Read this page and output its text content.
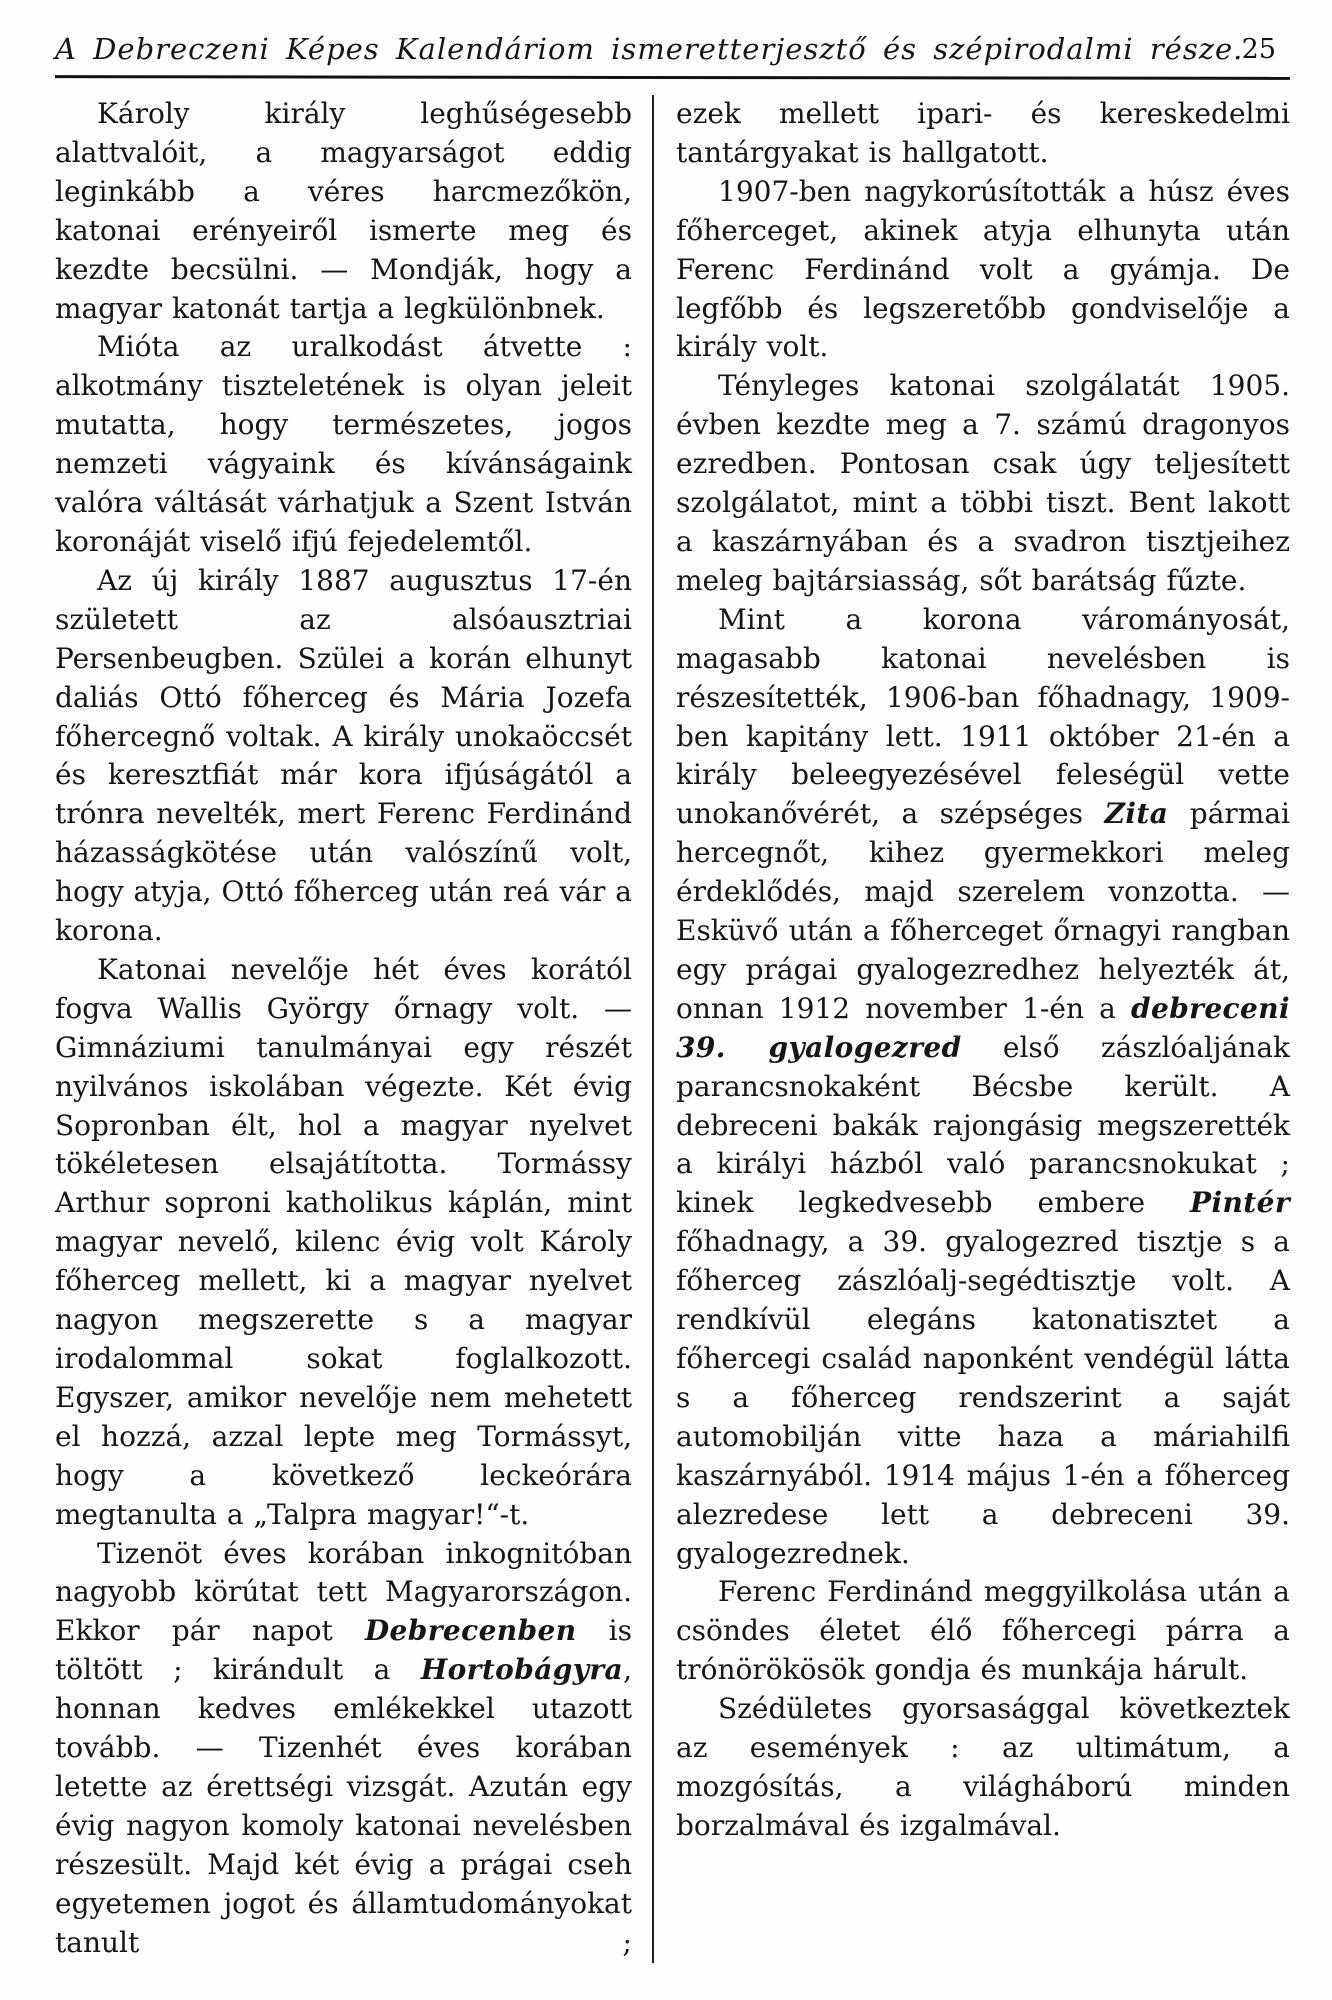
A Debreczeni Képes Kalendáriom ismeretterjesztő és szépirodalmi része.
25

Károly király leghűségesebb alattvalóit, a magyarságot eddig leginkább a véres harcmezőkön, katonai erényeiről ismerte meg és kezdte becsülni. — Mondják, hogy a magyar katonát tartja a legkülönbnek.

Mióta az uralkodást átvette : alkotmány tiszteletének is olyan jeleit mutatta, hogy természetes, jogos nemzeti vágyaink és kívánságaink valóra váltását várhatjuk a Szent István koronáját viselő ifjú fejedelemtől.

Az új király 1887 augusztus 17-én született az alsóausztriai Persenbeugben. Szülei a korán elhunyt daliás Ottó főherceg és Mária Jozefa főhercegnő voltak. A király unokaöccsét és keresztfiát már kora ifjúságától a trónra nevelték, mert Ferenc Ferdinánd házasságkötése után valószínű volt, hogy atyja, Ottó főherceg után reá vár a korona.

Katonai nevelője hét éves korától fogva Wallis György őrnagy volt. — Gimnáziumi tanulmányai egy részét nyilvános iskolában végezte. Két évig Sopronban élt, hol a magyar nyelvet tökéletesen elsajátította. Tormássy Arthur soproni katholikus káplán, mint magyar nevelő, kilenc évig volt Károly főherceg mellett, ki a magyar nyelvet nagyon megszerette s a magyar irodalommal sokat foglalkozott. Egyszer, amikor nevelője nem mehetett el hozzá, azzal lepte meg Tormássyt, hogy a következő leckeórára megtanulta a „Talpra magyar!“-t.

Tizenöt éves korában inkognitóban nagyobb körútat tett Magyarországon. Ekkor pár napot Debrecenben is töltött ; kirándult a Hortobágyra, honnan kedves emlékekkel utazott tovább. — Tizenhét éves korában letette az érettségi vizsgát. Azután egy évig nagyon komoly katonai nevelésben részesült. Majd két évig a prágai cseh egyetemen jogot és államtudományokat tanult ;

ezek mellett ipari- és kereskedelmi tantárgyakat is hallgatott.

1907-ben nagykorúsították a húsz éves főherceget, akinek atyja elhunyta után Ferenc Ferdinánd volt a gyámja. De legfőbb és legszeretőbb gondviselője a király volt.

Tényleges katonai szolgálatát 1905. évben kezdte meg a 7. számú dragonyos ezredben. Pontosan csak úgy teljesített szolgálatot, mint a többi tiszt. Bent lakott a kaszárnyában és a svadron tisztjeihez meleg bajtársiasság, sőt barátság fűzte.

Mint a korona várományosát, magasabb katonai nevelésben is részesítették, 1906-ban főhadnagy, 1909-ben kapitány lett. 1911 október 21-én a király beleegyezésével feleségül vette unokanővérét, a szépséges Zita pármai hercegnőt, kihez gyermekkori meleg érdeklődés, majd szerelem vonzotta. — Esküvő után a főherceget őrnagyi rangban egy prágai gyalogezredhez helyezték át, onnan 1912 november 1-én a debreceni 39. gyalogezred első zászlóaljának parancsnokaként Bécsbe került. A debreceni bakák rajongásig megszerették a királyi házból való parancsnokukat ; kinek legkedvesebb embere Pintér főhadnagy, a 39. gyalogezred tisztje s a főherceg zászlóalj-segédtisztje volt. A rendkívül elegáns katonatisztet a főhercegi család naponként vendégül látta s a főherceg rendszerint a saját automobilján vitte haza a máriahilfi kaszárnyából. 1914 május 1-én a főherceg alezredese lett a debreceni 39. gyalogezrednek.

Ferenc Ferdinánd meggyilkolása után a csöndes életet élő főhercegi párra a trónörökösök gondja és munkája hárult.

Szédületes gyorsasággal következtek az események : az ultimátum, a mozgósítás, a világháború minden borzalmával és izgalmával.
